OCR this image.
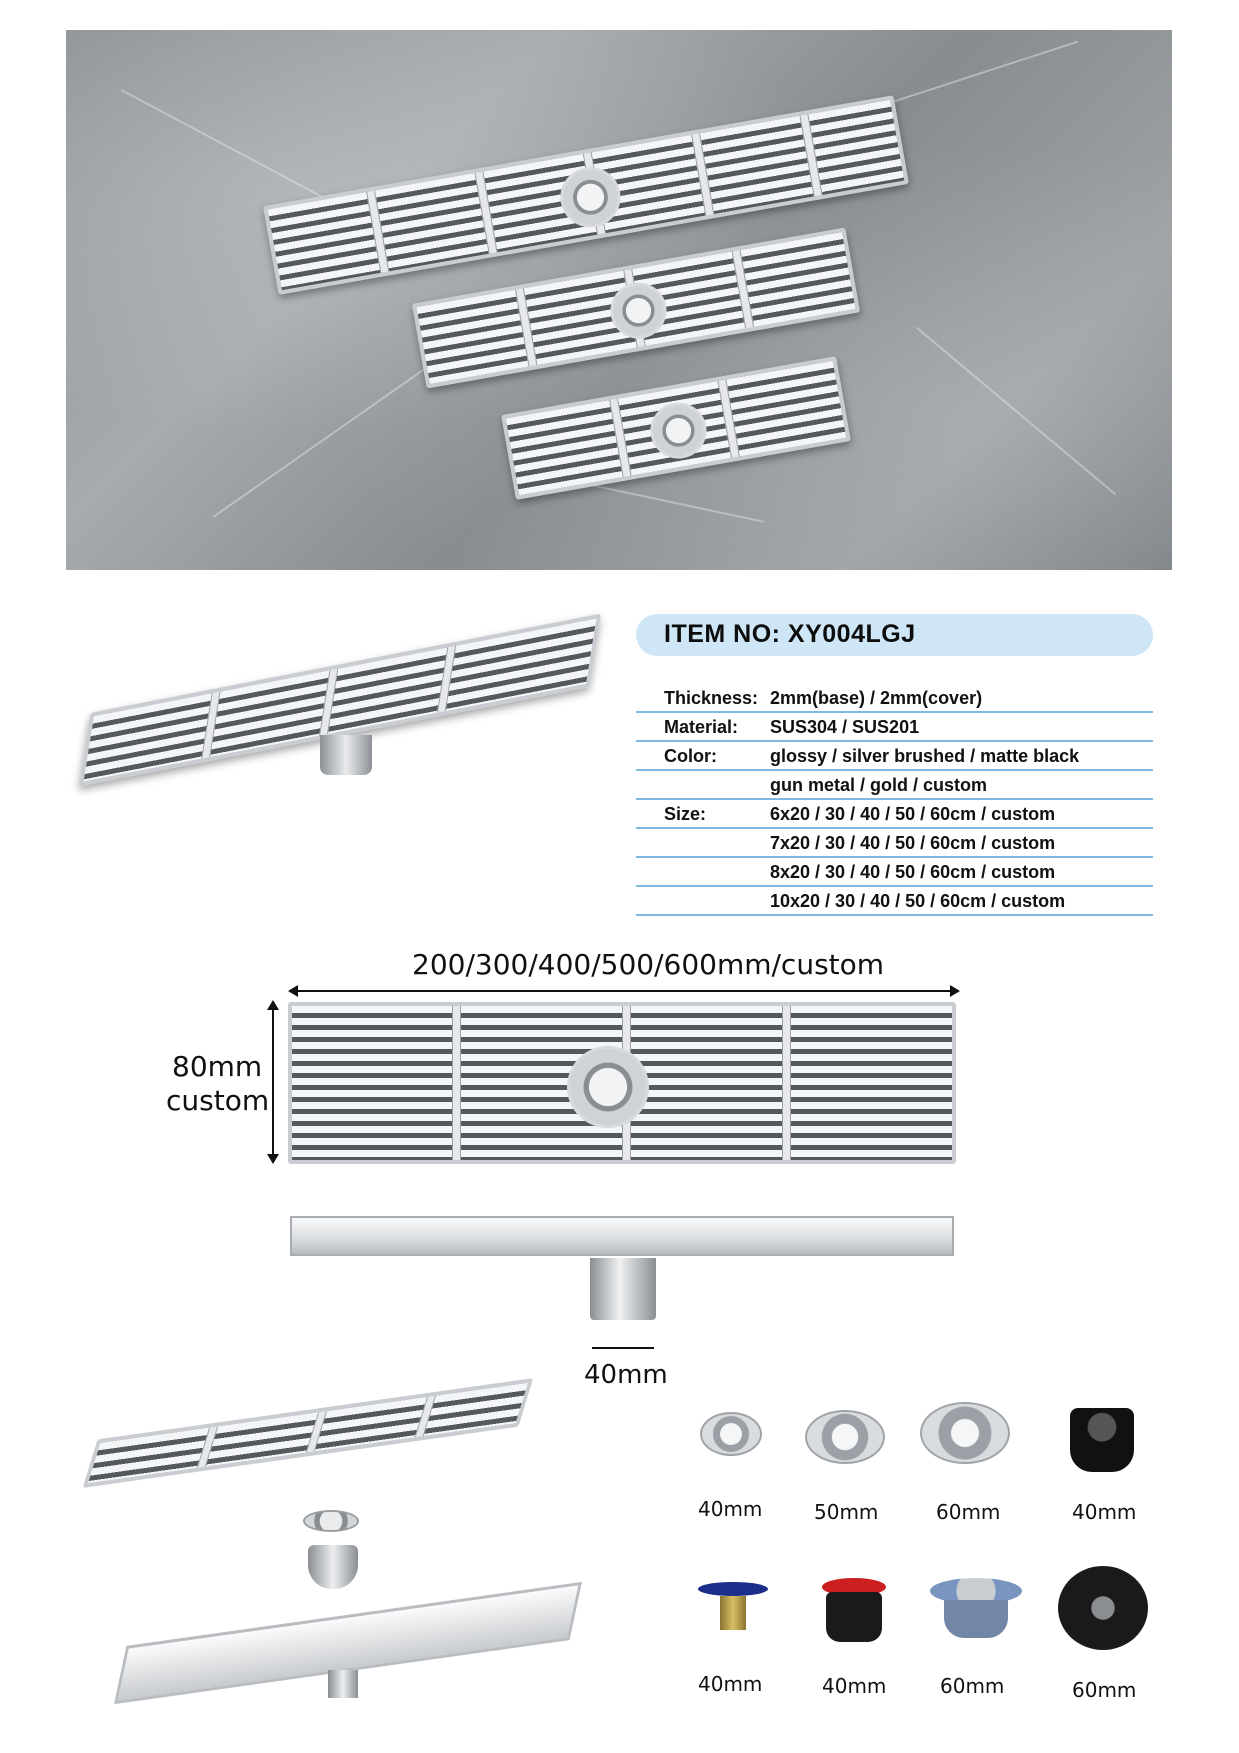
ITEM NO: XY004LGJ
Thickness: 2mm(base) / 2mm(cover)
Material: SUS304 / SUS201
Color:	glossy / silver brushed / matte black
gun metal / gold / custom
Size:	6x20 / 30 / 40 / 50 / 60cm / custom
7x20 / 30 / 40 / 50 / 60cm / custom
8x20 / 30 / 40 / 50 / 60cm / custom
10x20 / 30 / 40 / 50 / 60cm / custom
200/300/400/500/600mm/custom
80mm
custom
40mm
40mm	50mm	60mm	40mm
40mm	40mm	60mm	60mm
